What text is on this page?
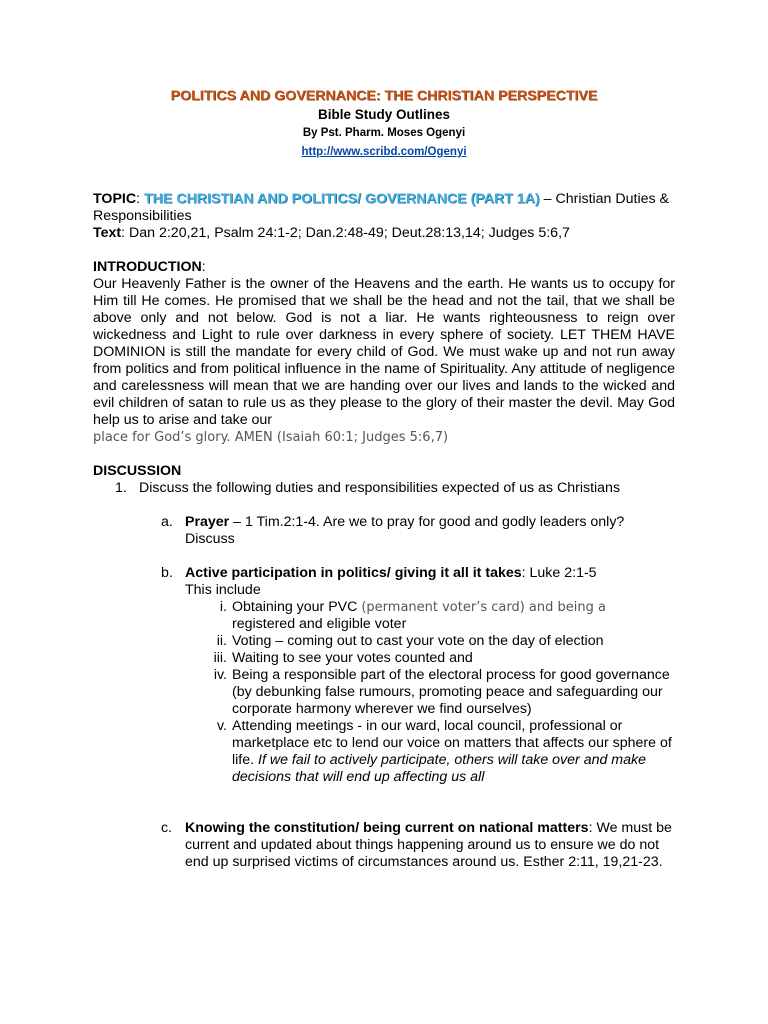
POLITICS AND GOVERNANCE: THE CHRISTIAN PERSPECTIVE
Bible Study Outlines
By Pst. Pharm. Moses Ogenyi
http://www.scribd.com/Ogenyi
TOPIC: THE CHRISTIAN AND POLITICS/ GOVERNANCE (PART 1A) – Christian Duties & Responsibilities
Text: Dan 2:20,21, Psalm 24:1-2; Dan.2:48-49; Deut.28:13,14; Judges 5:6,7
INTRODUCTION:
Our Heavenly Father is the owner of the Heavens and the earth. He wants us to occupy for Him till He comes. He promised that we shall be the head and not the tail, that we shall be above only and not below. God is not a liar. He wants righteousness to reign over wickedness and Light to rule over darkness in every sphere of society. LET THEM HAVE DOMINION is still the mandate for every child of God. We must wake up and not run away from politics and from political influence in the name of Spirituality. Any attitude of negligence and carelessness will mean that we are handing over our lives and lands to the wicked and evil children of satan to rule us as they please to the glory of their master the devil. May God help us to arise and take our
place for God’s glory. AMEN (Isaiah 60:1; Judges 5:6,7)
DISCUSSION
1. Discuss the following duties and responsibilities expected of us as Christians
a. Prayer – 1 Tim.2:1-4. Are we to pray for good and godly leaders only? Discuss
b. Active participation in politics/ giving it all it takes: Luke 2:1-5
This include
i. Obtaining your PVC (permanent voter’s card) and being a
registered and eligible voter
ii. Voting – coming out to cast your vote on the day of election
iii. Waiting to see your votes counted and
iv. Being a responsible part of the electoral process for good governance (by debunking false rumours, promoting peace and safeguarding our corporate harmony wherever we find ourselves)
v. Attending meetings - in our ward, local council, professional or marketplace etc to lend our voice on matters that affects our sphere of life. If we fail to actively participate, others will take over and make decisions that will end up affecting us all
c. Knowing the constitution/ being current on national matters: We must be current and updated about things happening around us to ensure we do not end up surprised victims of circumstances around us. Esther 2:11, 19,21-23.
